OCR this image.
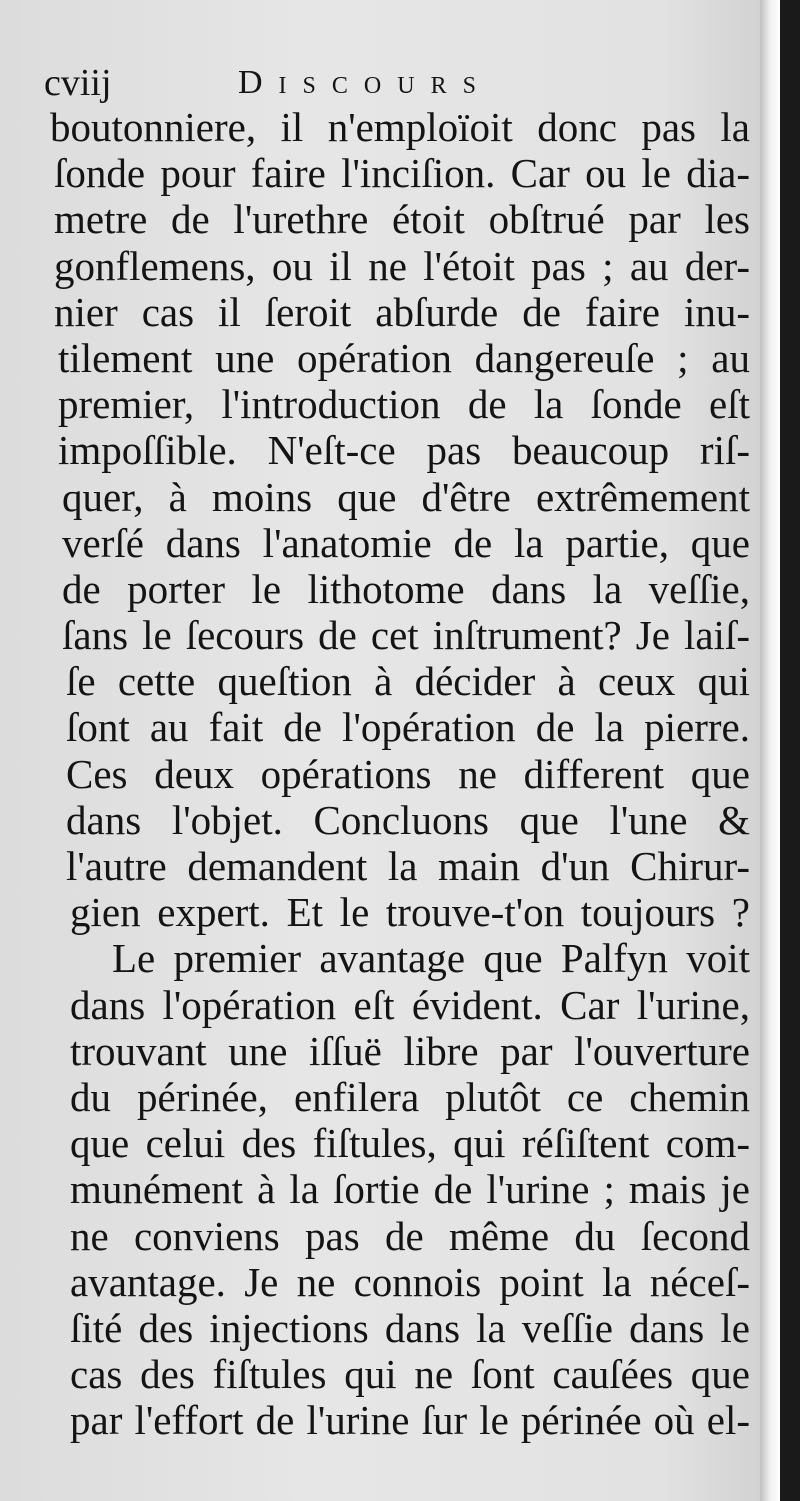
cviij	Discours
boutonniere, il n'emploïoit donc pas la
ſonde pour faire l'inciſion. Car ou le dia-
metre de l'urethre étoit obſtrué par les
gonflemens, ou il ne l'étoit pas ; au der-
nier cas il ſeroit abſurde de faire inu-
tilement une opération dangereuſe ; au
premier, l'introduction de la ſonde eſt
impoſſible. N'eſt-ce pas beaucoup riſ-
quer, à moins que d'être extrêmement
verſé dans l'anatomie de la partie, que
de porter le lithotome dans la veſſie,
ſans le ſecours de cet inſtrument? Je laiſ-
ſe cette queſtion à décider à ceux qui
ſont au fait de l'opération de la pierre.
Ces deux opérations ne different que
dans l'objet. Concluons que l'une &
l'autre demandent la main d'un Chirur-
gien expert. Et le trouve-t'on toujours ?
Le premier avantage que Palfyn voit
dans l'opération eſt évident. Car l'urine,
trouvant une iſſuë libre par l'ouverture
du périnée, enfilera plutôt ce chemin
que celui des fiſtules, qui réſiſtent com-
munément à la ſortie de l'urine ; mais je
ne conviens pas de même du ſecond
avantage. Je ne connois point la néceſ-
ſité des injections dans la veſſie dans le
cas des fiſtules qui ne ſont cauſées que
par l'effort de l'urine ſur le périnée où el-
